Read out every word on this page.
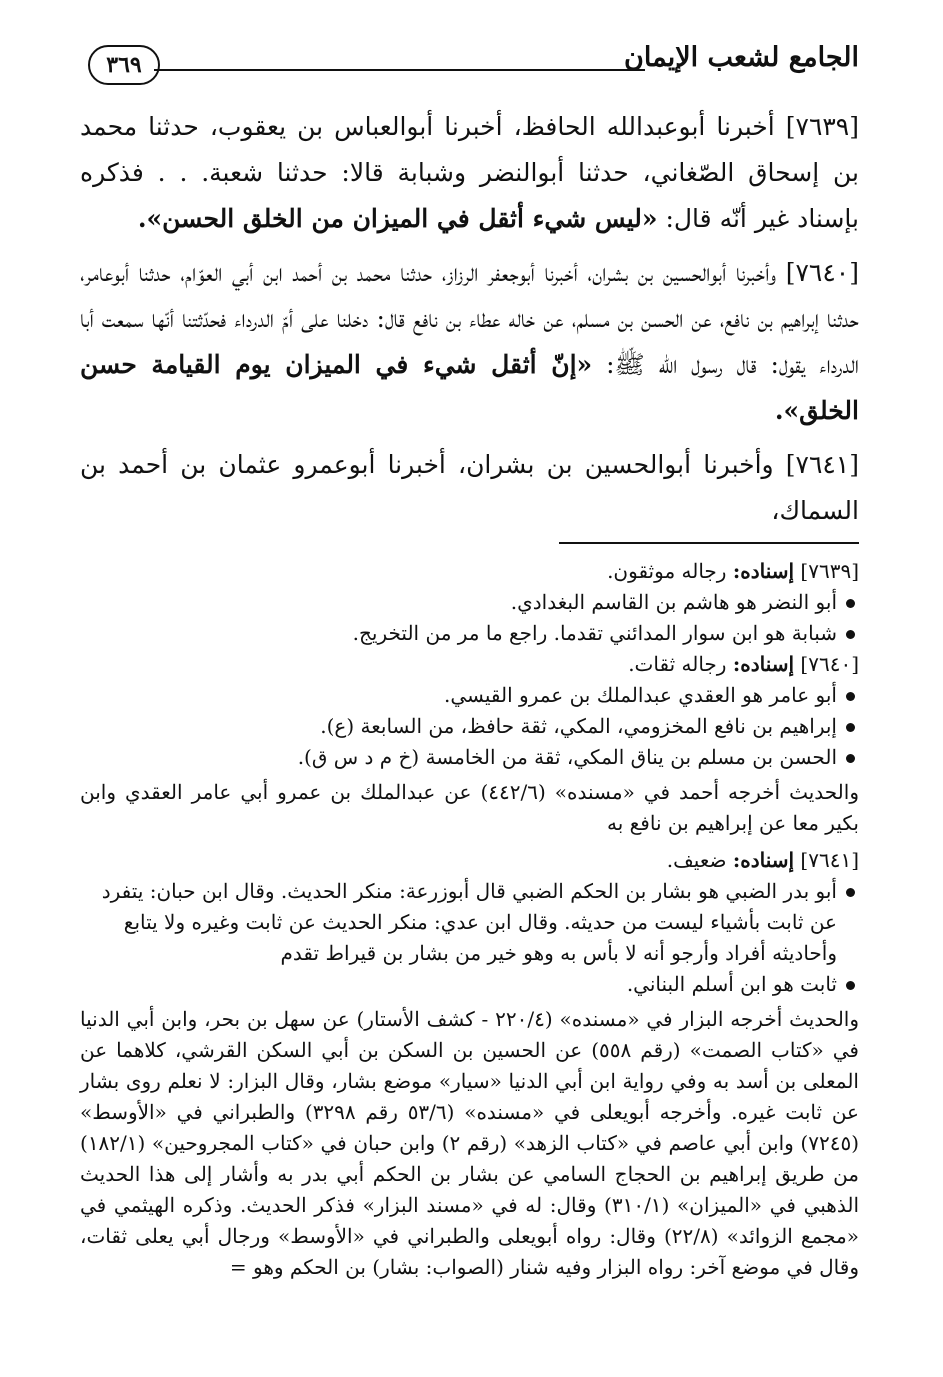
الجامع لشعب الإيمان
٣٦٩

[٧٦٣٩] أخبرنا أبوعبدالله الحافظ، أخبرنا أبوالعباس بن يعقوب، حدثنا محمد بن إسحاق الصّغاني، حدثنا أبوالنضر وشبابة قالا: حدثنا شعبة. . . فذكره بإسناد غير أنّه قال: «ليس شيء أثقل في الميزان من الخلق الحسن».

[٧٦٤٠] وأخبرنا أبوالحسين بن بشران، أخبرنا أبوجعفر الرزاز، حدثنا محمد بن أحمد ابن أبي العوّام، حدثنا أبوعامر، حدثنا إبراهيم بن نافع، عن الحسن بن مسلم، عن خاله عطاء بن نافع قال: دخلنا على أمّ الدرداء فحدّثتنا أنّها سمعت أبا الدرداء يقول: قال رسول الله ﷺ: «إنّ أثقل شيء في الميزان يوم القيامة حسن الخلق».

[٧٦٤١] وأخبرنا أبوالحسين بن بشران، أخبرنا أبوعمرو عثمان بن أحمد بن السماك،

[٧٦٣٩] إسناده: رجاله موثقون.

أبو النضر هو هاشم بن القاسم البغدادي.
شبابة هو ابن سوار المدائني تقدما. راجع ما مر من التخريج.

[٧٦٤٠] إسناده: رجاله ثقات.

أبو عامر هو العقدي عبدالملك بن عمرو القيسي.
إبراهيم بن نافع المخزومي، المكي، ثقة حافظ، من السابعة (ع).
الحسن بن مسلم بن يناق المكي، ثقة من الخامسة (خ م د س ق).

والحديث أخرجه أحمد في «مسنده» (٤٤٢/٦) عن عبدالملك بن عمرو أبي عامر العقدي وابن بكير معا عن إبراهيم بن نافع به

[٧٦٤١] إسناده: ضعيف.

أبو بدر الضبي هو بشار بن الحكم الضبي قال أبوزرعة: منكر الحديث. وقال ابن حبان: يتفرد عن ثابت بأشياء ليست من حديثه. وقال ابن عدي: منكر الحديث عن ثابت وغيره ولا يتابع وأحاديثه أفراد وأرجو أنه لا بأس به وهو خير من بشار بن قيراط تقدم
ثابت هو ابن أسلم البناني.

والحديث أخرجه البزار في «مسنده» (٢٢٠/٤ - كشف الأستار) عن سهل بن بحر، وابن أبي الدنيا في «كتاب الصمت» (رقم ٥٥٨) عن الحسين بن السكن بن أبي السكن القرشي، كلاهما عن المعلى بن أسد به وفي رواية ابن أبي الدنيا «سيار» موضع بشار، وقال البزار: لا نعلم روى بشار عن ثابت غيره. وأخرجه أبويعلى في «مسنده» (٥٣/٦ رقم ٣٢٩٨) والطبراني في «الأوسط» (٧٢٤٥) وابن أبي عاصم في «كتاب الزهد» (رقم ٢) وابن حبان في «كتاب المجروحين» (١٨٢/١) من طريق إبراهيم بن الحجاج السامي عن بشار بن الحكم أبي بدر به وأشار إلى هذا الحديث الذهبي في «الميزان» (٣١٠/١) وقال: له في «مسند البزار» فذكر الحديث. وذكره الهيثمي في «مجمع الزوائد» (٢٢/٨) وقال: رواه أبويعلى والطبراني في «الأوسط» ورجال أبي يعلى ثقات، وقال في موضع آخر: رواه البزار وفيه شنار (الصواب: بشار) بن الحكم وهو =
